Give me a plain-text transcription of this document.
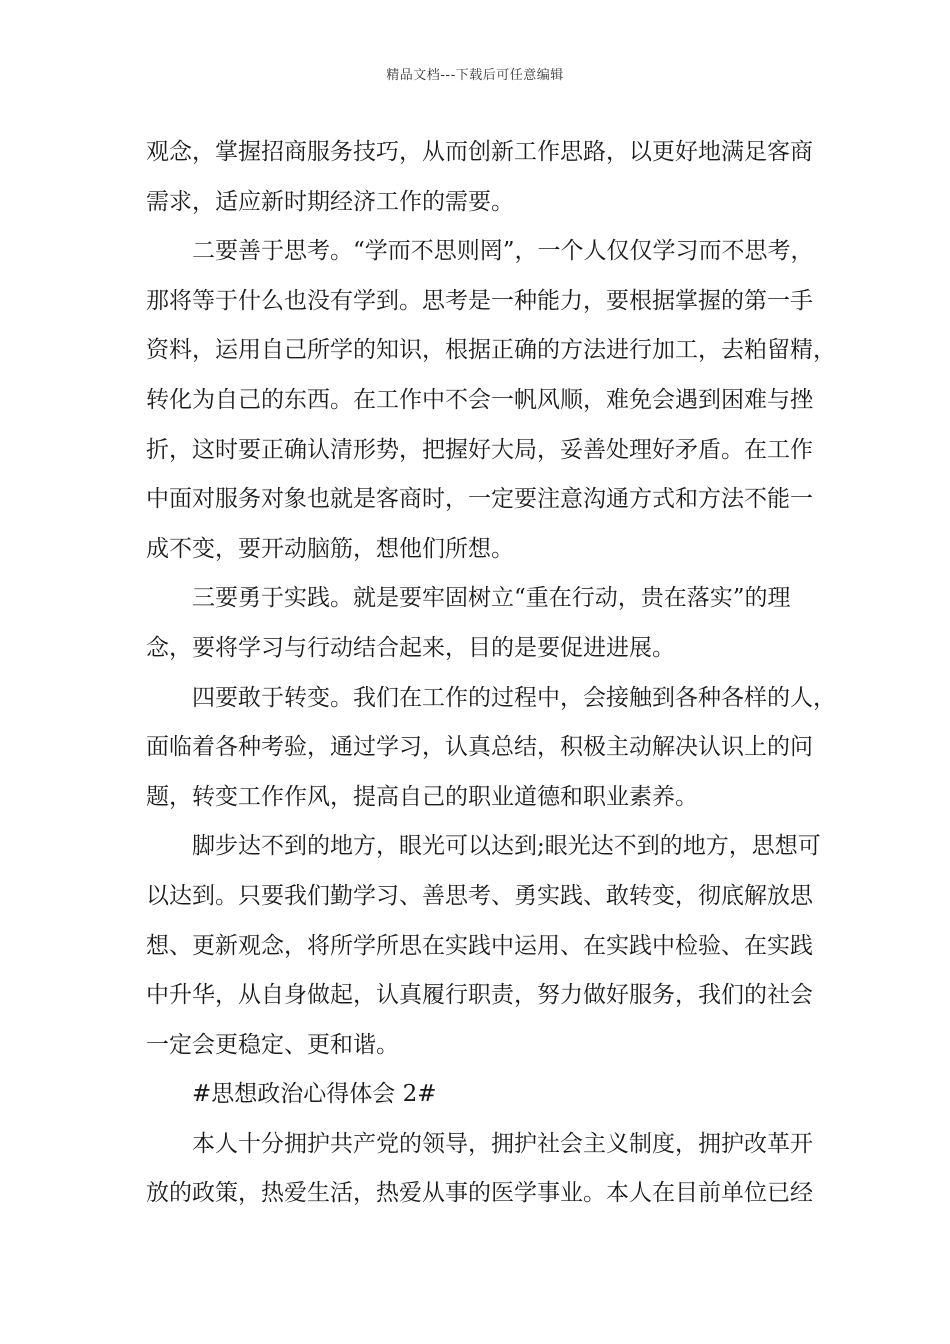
精品文档---下载后可任意编辑
观念，掌握招商服务技巧，从而创新工作思路，以更好地满足客商
需求，适应新时期经济工作的需要。
二要善于思考。“学而不思则罔”，一个人仅仅学习而不思考，
那将等于什么也没有学到。思考是一种能力，要根据掌握的第一手
资料，运用自己所学的知识，根据正确的方法进行加工，去粕留精，
转化为自己的东西。在工作中不会一帆风顺，难免会遇到困难与挫
折，这时要正确认清形势，把握好大局，妥善处理好矛盾。在工作
中面对服务对象也就是客商时，一定要注意沟通方式和方法不能一
成不变，要开动脑筋，想他们所想。
三要勇于实践。就是要牢固树立“重在行动，贵在落实”的理
念，要将学习与行动结合起来，目的是要促进进展。
四要敢于转变。我们在工作的过程中，会接触到各种各样的人，
面临着各种考验，通过学习，认真总结，积极主动解决认识上的问
题，转变工作作风，提高自己的职业道德和职业素养。
脚步达不到的地方，眼光可以达到;眼光达不到的地方，思想可
以达到。只要我们勤学习、善思考、勇实践、敢转变，彻底解放思
想、更新观念，将所学所思在实践中运用、在实践中检验、在实践
中升华，从自身做起，认真履行职责，努力做好服务，我们的社会
一定会更稳定、更和谐。
#思想政治心得体会 2#
本人十分拥护共产党的领导，拥护社会主义制度，拥护改革开
放的政策，热爱生活，热爱从事的医学事业。本人在目前单位已经
